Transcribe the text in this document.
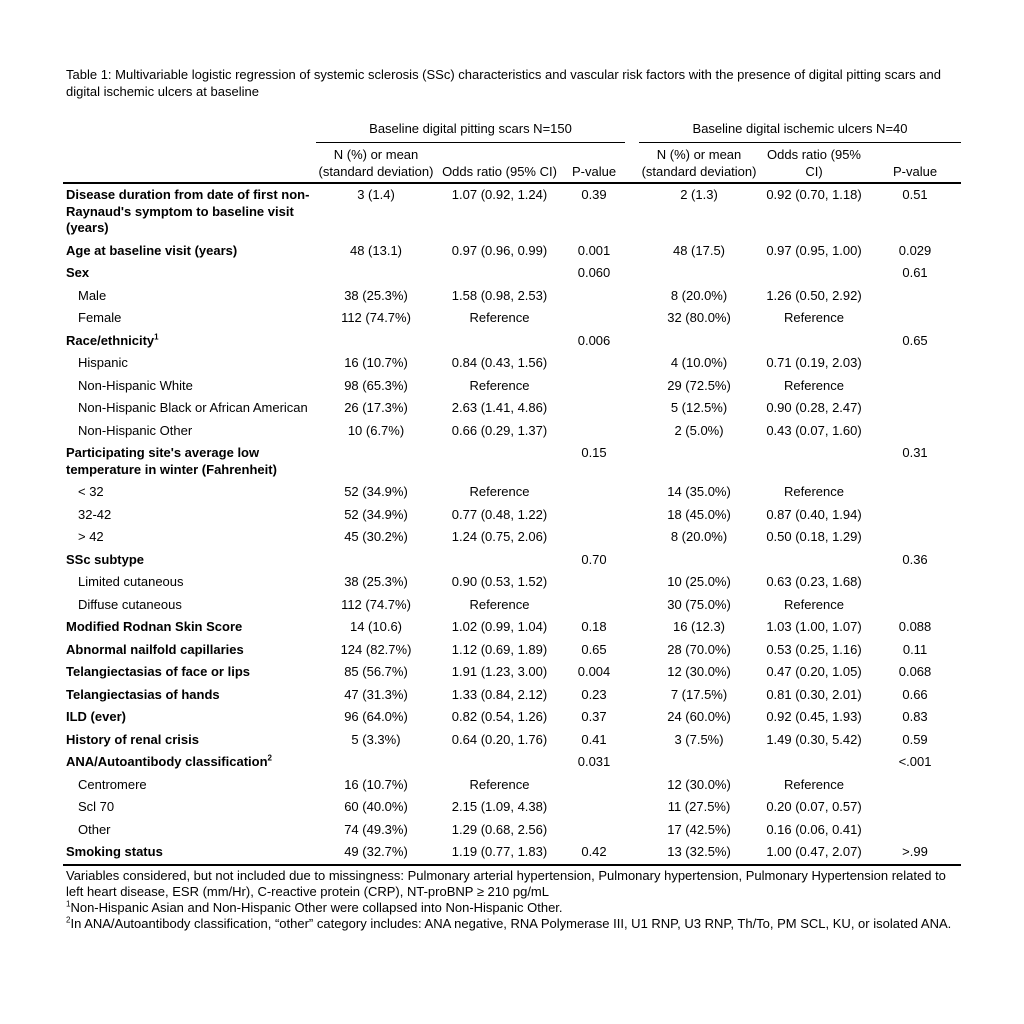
Table 1: Multivariable logistic regression of systemic sclerosis (SSc) characteristics and vascular risk factors with the presence of digital pitting scars and digital ischemic ulcers at baseline
	Baseline digital pitting scars N=150				Baseline digital ischemic ulcers N=40		
	N (%) or mean (standard deviation)	Odds ratio (95% CI)	P-value		N (%) or mean (standard deviation)	Odds ratio (95% CI)	P-value
Disease duration from date of first non-Raynaud's symptom to baseline visit (years)	3 (1.4)	1.07 (0.92, 1.24)	0.39		2 (1.3)	0.92 (0.70, 1.18)	0.51
Age at baseline visit (years)	48 (13.1)	0.97 (0.96, 0.99)	0.001		48 (17.5)	0.97 (0.95, 1.00)	0.029
Sex			0.060				0.61
Male	38 (25.3%)	1.58 (0.98, 2.53)			8 (20.0%)	1.26 (0.50, 2.92)	
Female	112 (74.7%)	Reference			32 (80.0%)	Reference	
Race/ethnicity$^1$			0.006				0.65
Hispanic	16 (10.7%)	0.84 (0.43, 1.56)			4 (10.0%)	0.71 (0.19, 2.03)	
Non-Hispanic White	98 (65.3%)	Reference			29 (72.5%)	Reference	
Non-Hispanic Black or African American	26 (17.3%)	2.63 (1.41, 4.86)			5 (12.5%)	0.90 (0.28, 2.47)	
Non-Hispanic Other	10 (6.7%)	0.66 (0.29, 1.37)			2 (5.0%)	0.43 (0.07, 1.60)	
Participating site's average low temperature in winter (Fahrenheit)			0.15				0.31
< 32	52 (34.9%)	Reference			14 (35.0%)	Reference	
32-42	52 (34.9%)	0.77 (0.48, 1.22)			18 (45.0%)	0.87 (0.40, 1.94)	
> 42	45 (30.2%)	1.24 (0.75, 2.06)			8 (20.0%)	0.50 (0.18, 1.29)	
SSc subtype			0.70				0.36
Limited cutaneous	38 (25.3%)	0.90 (0.53, 1.52)			10 (25.0%)	0.63 (0.23, 1.68)	
Diffuse cutaneous	112 (74.7%)	Reference			30 (75.0%)	Reference	
Modified Rodnan Skin Score	14 (10.6)	1.02 (0.99, 1.04)	0.18		16 (12.3)	1.03 (1.00, 1.07)	0.088
Abnormal nailfold capillaries	124 (82.7%)	1.12 (0.69, 1.89)	0.65		28 (70.0%)	0.53 (0.25, 1.16)	0.11
Telangiectasias of face or lips	85 (56.7%)	1.91 (1.23, 3.00)	0.004		12 (30.0%)	0.47 (0.20, 1.05)	0.068
Telangiectasias of hands	47 (31.3%)	1.33 (0.84, 2.12)	0.23		7 (17.5%)	0.81 (0.30, 2.01)	0.66
ILD (ever)	96 (64.0%)	0.82 (0.54, 1.26)	0.37		24 (60.0%)	0.92 (0.45, 1.93)	0.83
History of renal crisis	5 (3.3%)	0.64 (0.20, 1.76)	0.41		3 (7.5%)	1.49 (0.30, 5.42)	0.59
ANA/Autoantibody classification$^2$			0.031				<.001
Centromere	16 (10.7%)	Reference			12 (30.0%)	Reference	
Scl 70	60 (40.0%)	2.15 (1.09, 4.38)			11 (27.5%)	0.20 (0.07, 0.57)	
Other	74 (49.3%)	1.29 (0.68, 2.56)			17 (42.5%)	0.16 (0.06, 0.41)	
Smoking status	49 (32.7%)	1.19 (0.77, 1.83)	0.42		13 (32.5%)	1.00 (0.47, 2.07)	>.99
Variables considered, but not included due to missingness: Pulmonary arterial hypertension, Pulmonary hypertension, Pulmonary Hypertension related to left heart disease, ESR (mm/Hr), C-reactive protein (CRP), NT-proBNP ≥ 210 pg/mL
$^1$Non-Hispanic Asian and Non-Hispanic Other were collapsed into Non-Hispanic Other.
$^2$In ANA/Autoantibody classification, “other” category includes: ANA negative, RNA Polymerase III, U1 RNP, U3 RNP, Th/To, PM SCL, KU, or isolated ANA.
